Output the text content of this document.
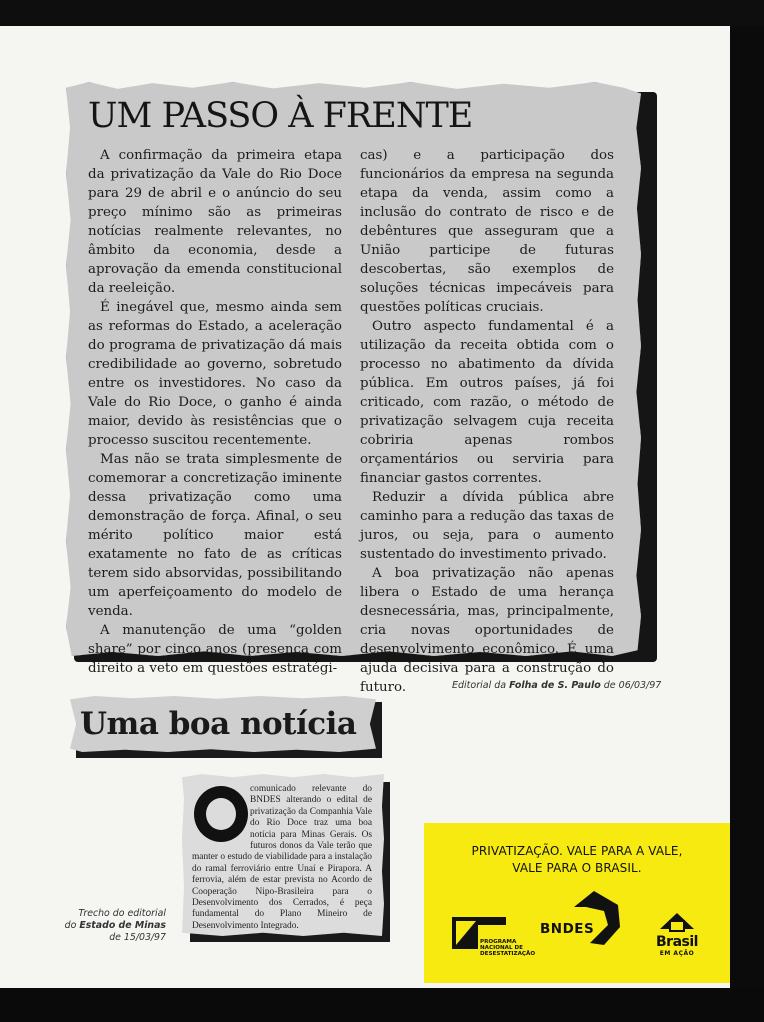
UM PASSO À FRENTE

A confirmação da primeira etapa da privatização da Vale do Rio Doce para 29 de abril e o anúncio do seu preço mínimo são as primeiras notícias realmente relevantes, no âmbito da economia, desde a aprovação da emenda constitucional da reeleição.

É inegável que, mesmo ainda sem as reformas do Estado, a aceleração do programa de privatização dá mais credibilidade ao governo, sobretudo entre os investidores. No caso da Vale do Rio Doce, o ganho é ainda maior, devido às resistências que o processo suscitou recentemente.

Mas não se trata simplesmente de comemorar a concretização iminente dessa privatização como uma demonstração de força. Afinal, o seu mérito político maior está exatamente no fato de as críticas terem sido absorvidas, possibilitando um aperfeiçoamento do modelo de venda.

A manutenção de uma “golden share” por cinco anos (presença com direito a veto em questões estratégi-

cas) e a participação dos funcionários da empresa na segunda etapa da venda, assim como a inclusão do contrato de risco e de debêntures que asseguram que a União participe de futuras descobertas, são exemplos de soluções técnicas impecáveis para questões políticas cruciais.

Outro aspecto fundamental é a utilização da receita obtida com o processo no abatimento da dívida pública. Em outros países, já foi criticado, com razão, o método de privatização selvagem cuja receita cobriria apenas rombos orçamentários ou serviria para financiar gastos correntes.

Reduzir a dívida pública abre caminho para a redução das taxas de juros, ou seja, para o aumento sustentado do investimento privado.

A boa privatização não apenas libera o Estado de uma herança desnecessária, mas, principalmente, cria novas oportunidades de desenvolvimento econômico. É uma ajuda decisiva para a construção do futuro.	Editorial da Folha de S. Paulo de 06/03/97
Uma boa notícia
comunicado relevante do BNDES alterando o edital de privatização da Companhia Vale do Rio Doce traz uma boa notícia para Minas Gerais. Os futuros donos da Vale terão que manter o estudo de viabilidade para a instalação do ramal ferroviário entre Unaí e Pirapora. A ferrovia, além de estar prevista no Acordo de Cooperação Nipo-Brasileira para o Desenvolvimento dos Cerrados, é peça fundamental do Plano Mineiro de Desenvolvimento Integrado.
Trecho do editorial
do Estado de Minas
de 15/03/97
PRIVATIZAÇÃO. VALE PARA A VALE,
VALE PARA O BRASIL.
PROGRAMA
NACIONAL DE
DESESTATIZAÇÃO
BNDES
Brasil
EM AÇÃO
